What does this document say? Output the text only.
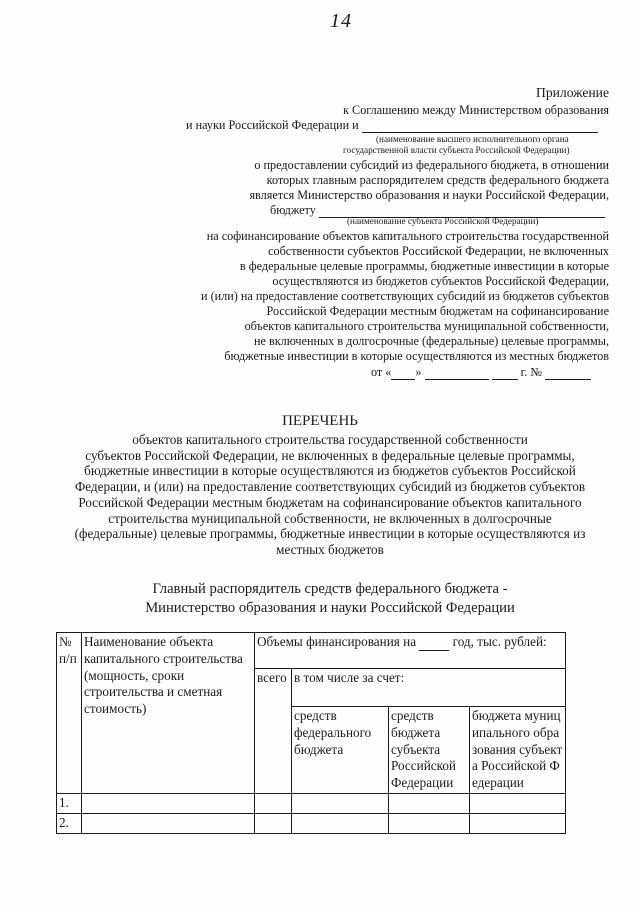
14
Приложение
к Соглашению между Министерством образования
и науки Российской Федерации и
(наименование высшего исполнительного органа
государственной власти субъекта Российской Федерации)
о предоставлении субсидий из федерального бюджета, в отношении
которых главным распорядителем средств федерального бюджета
является Министерство образования и науки Российской Федерации,
бюджету
(наименование субъекта Российской Федерации)
на софинансирование объектов капитального строительства государственной
собственности субъектов Российской Федерации, не включенных
в федеральные целевые программы, бюджетные инвестиции в которые
осуществляются из бюджетов субъектов Российской Федерации,
и (или) на предоставление соответствующих субсидий из бюджетов субъектов
Российской Федерации местным бюджетам на софинансирование
объектов капитального строительства муниципальной собственности,
не включенных в долгосрочные (федеральные) целевые программы,
бюджетные инвестиции в которые осуществляются из местных бюджетов
от « »	г. №
ПЕРЕЧЕНЬ
объектов капитального строительства государственной собственности
субъектов Российской Федерации, не включенных в федеральные целевые программы,
бюджетные инвестиции в которые осуществляются из бюджетов субъектов Российской
Федерации, и (или) на предоставление соответствующих субсидий из бюджетов субъектов
Российской Федерации местным бюджетам на софинансирование объектов капитального
строительства муниципальной собственности, не включенных в долгосрочные
(федеральные) целевые программы, бюджетные инвестиции в которые осуществляются из
местных бюджетов
Главный распорядитель средств федерального бюджета -
Министерство образования и науки Российской Федерации
№ п/п	Наименование объекта капитального строительства (мощность, сроки строительства и сметная стоимость)	Объемы финансирования на год, тыс. рублей:			
		всего	в том числе за счет:		
			средств федерального бюджета	средств бюджета субъекта Российской Федерации	бюджета муниципального образования субъекта Российской Федерации
1.					
2.					
